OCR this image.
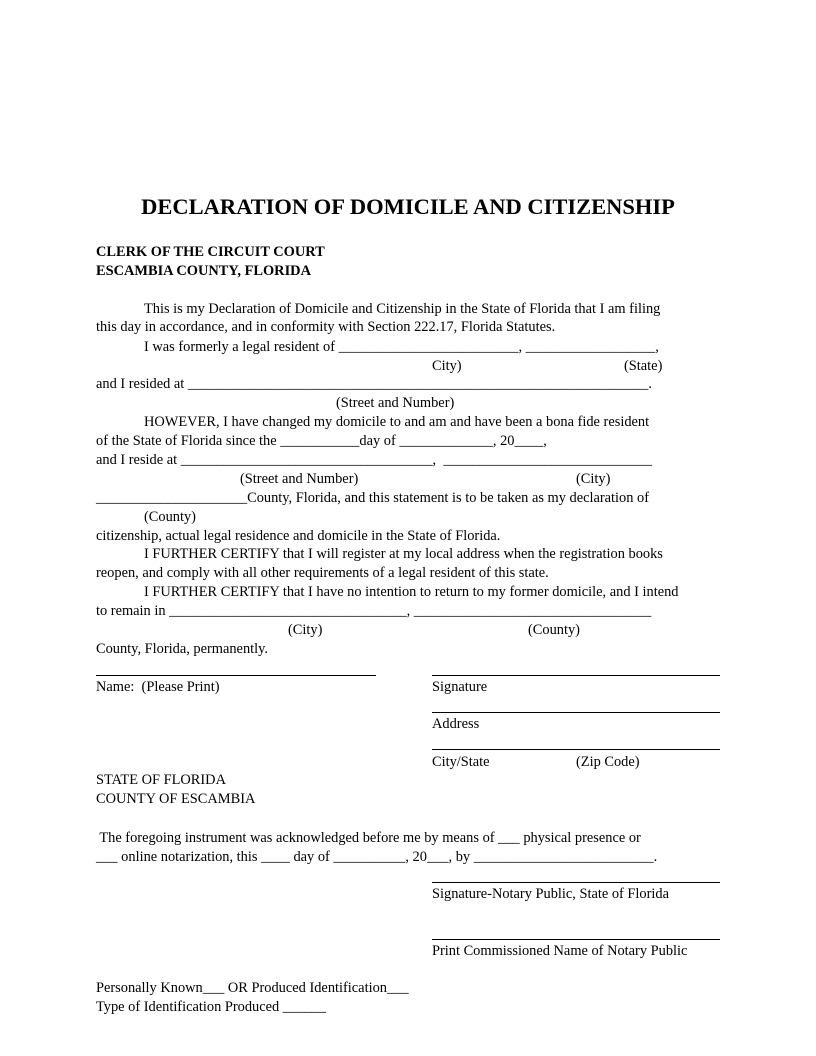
DECLARATION OF DOMICILE AND CITIZENSHIP
CLERK OF THE CIRCUIT COURT
ESCAMBIA COUNTY, FLORIDA
This is my Declaration of Domicile and Citizenship in the State of Florida that I am filing
this day in accordance, and in conformity with Section 222.17, Florida Statutes.
I was formerly a legal resident of _________________________, __________________,
City)	(State)
and I resided at ________________________________________________________________.
(Street and Number)
HOWEVER, I have changed my domicile to and am and have been a bona fide resident
of the State of Florida since the ___________day of _____________, 20____,
and I reside at ___________________________________,  _____________________________
(Street and Number)	(City)
_____________________County, Florida, and this statement is to be taken as my declaration of
(County)
citizenship, actual legal residence and domicile in the State of Florida.
I FURTHER CERTIFY that I will register at my local address when the registration books
reopen, and comply with all other requirements of a legal resident of this state.
I FURTHER CERTIFY that I have no intention to return to my former domicile, and I intend
to remain in _________________________________, _________________________________
(City)	(County)
County, Florida, permanently.
Name:  (Please Print)	Signature
Address
City/State	(Zip Code)
STATE OF FLORIDA
COUNTY OF ESCAMBIA
The foregoing instrument was acknowledged before me by means of ___ physical presence or
___ online notarization, this ____ day of __________, 20___, by _________________________.
Signature-Notary Public, State of Florida
Print Commissioned Name of Notary Public
Personally Known___ OR Produced Identification___
Type of Identification Produced ______
